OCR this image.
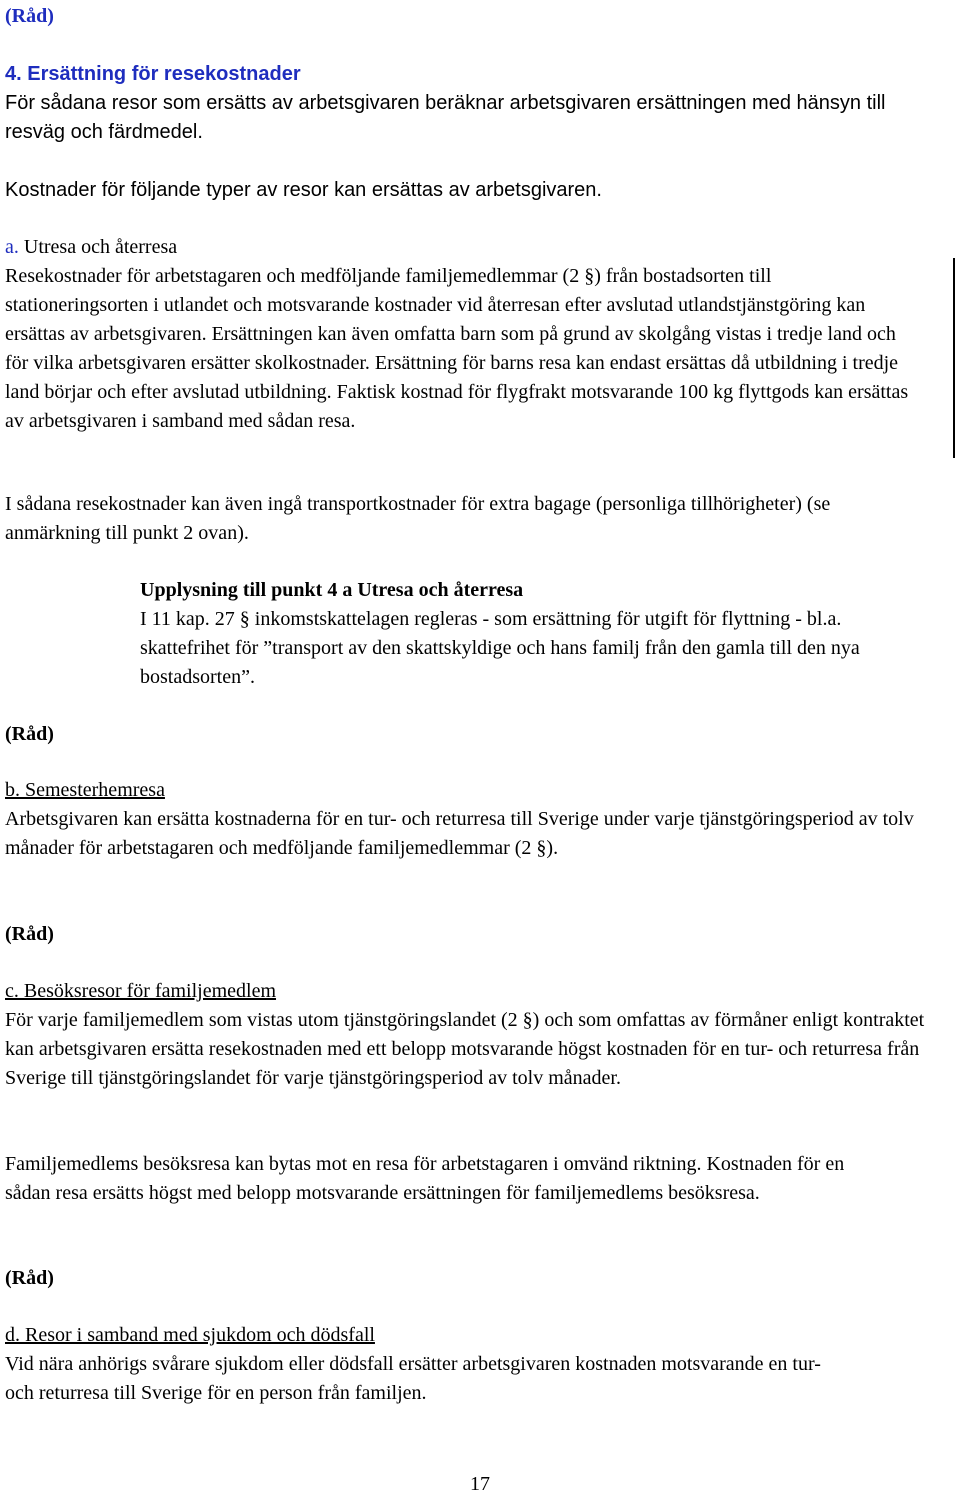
(Råd)

4. Ersättning för resekostnader

För sådana resor som ersätts av arbetsgivaren beräknar arbetsgivaren ersättningen med hänsyn till resväg och färdmedel.

Kostnader för följande typer av resor kan ersättas av arbetsgivaren.

a. Utresa och återresa

Resekostnader för arbetstagaren och medföljande familjemedlemmar (2 §) från bostadsorten till stationeringsorten i utlandet och motsvarande kostnader vid återresan efter avslutad utlandstjänstgöring kan ersättas av arbetsgivaren. Ersättningen kan även omfatta barn som på grund av skolgång vistas i tredje land och för vilka arbetsgivaren ersätter skolkostnader. Ersättning för barns resa kan endast ersättas då utbildning i tredje land börjar och efter avslutad utbildning. Faktisk kostnad för flygfrakt motsvarande 100 kg flyttgods kan ersättas av arbetsgivaren i samband med sådan resa.

I sådana resekostnader kan även ingå transportkostnader för extra bagage (personliga tillhörigheter) (se anmärkning till punkt 2 ovan).

Upplysning till punkt 4 a Utresa och återresa

I 11 kap. 27 § inkomstskattelagen regleras - som ersättning för utgift för flyttning - bl.a. skattefrihet för ”transport av den skattskyldige och hans familj från den gamla till den nya bostadsorten”.

(Råd)

b. Semesterhemresa

Arbetsgivaren kan ersätta kostnaderna för en tur- och returresa till Sverige under varje tjänstgöringsperiod av tolv månader för arbetstagaren och medföljande familjemedlemmar (2 §).

(Råd)

c. Besöksresor för familjemedlem

För varje familjemedlem som vistas utom tjänstgöringslandet (2 §) och som omfattas av förmåner enligt kontraktet kan arbetsgivaren ersätta resekostnaden med ett belopp motsvarande högst kostnaden för en tur- och returresa från Sverige till tjänstgöringslandet för varje tjänstgöringsperiod av tolv månader.

Familjemedlems besöksresa kan bytas mot en resa för arbetstagaren i omvänd riktning. Kostnaden för en sådan resa ersätts högst med belopp motsvarande ersättningen för familjemedlems besöksresa.

(Råd)

d. Resor i samband med sjukdom och dödsfall

Vid nära anhörigs svårare sjukdom eller dödsfall ersätter arbetsgivaren kostnaden motsvarande en tur- och returresa till Sverige för en person från familjen.

17
